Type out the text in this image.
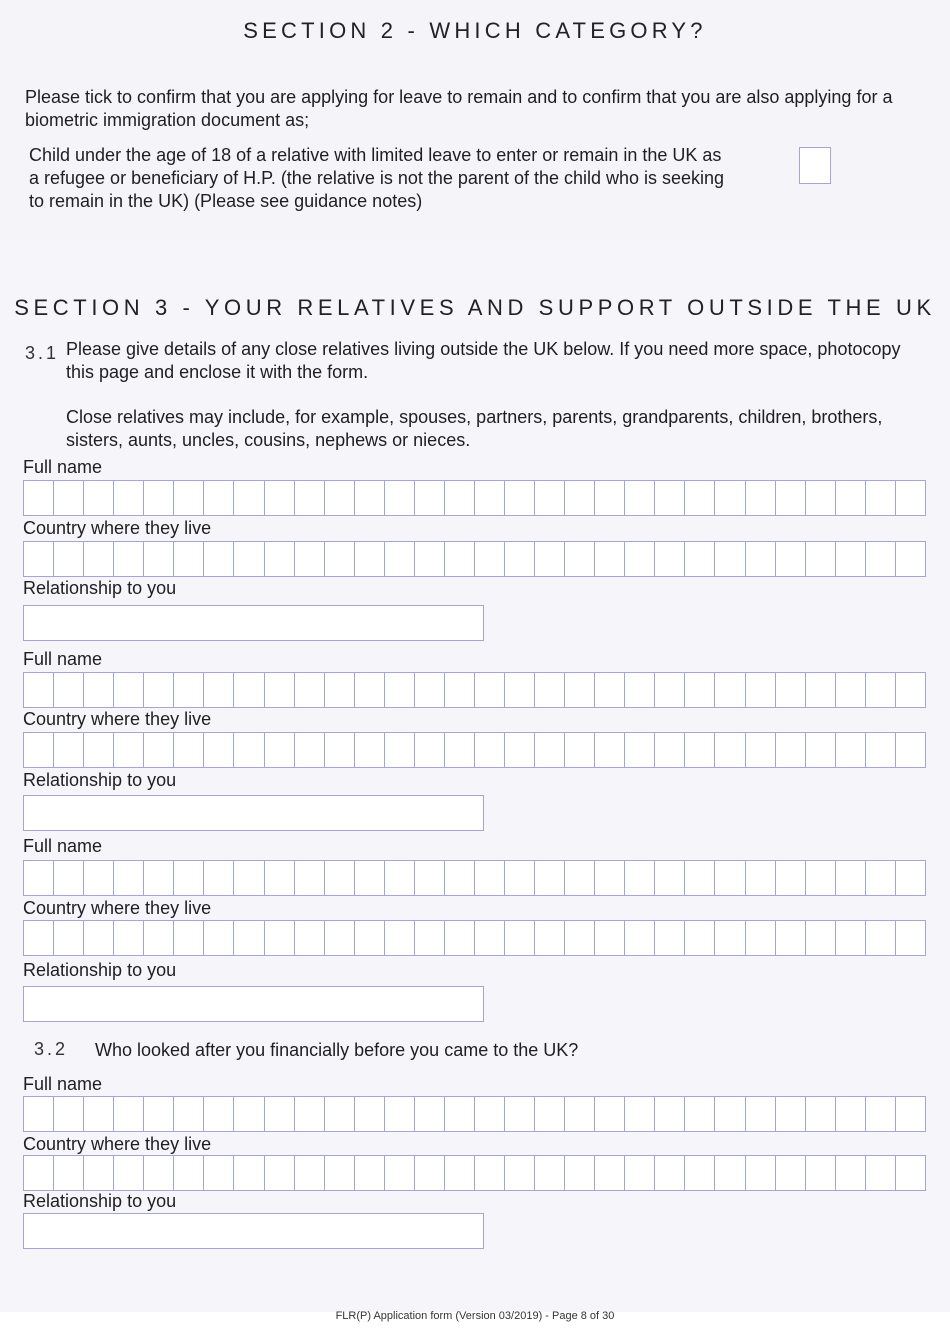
SECTION 2 - WHICH CATEGORY?
Please tick to confirm that you are applying for leave to remain and to confirm that you are also applying for a biometric immigration document as;
Child under the age of 18 of a relative with limited leave to enter or remain in the UK as a refugee or beneficiary of H.P. (the relative is not the parent of the child who is seeking to remain in the UK) (Please see guidance notes)
SECTION 3 - YOUR RELATIVES AND SUPPORT OUTSIDE THE UK
3.1 Please give details of any close relatives living outside the UK below. If you need more space, photocopy this page and enclose it with the form.
Close relatives may include, for example, spouses, partners, parents, grandparents, children, brothers, sisters, aunts, uncles, cousins, nephews or nieces.
Full name
Country where they live
Relationship to you
Full name
Country where they live
Relationship to you
Full name
Country where they live
Relationship to you
3.2 Who looked after you financially before you came to the UK?
Full name
Country where they live
Relationship to you
FLR(P) Application form (Version 03/2019) - Page 8 of 30
